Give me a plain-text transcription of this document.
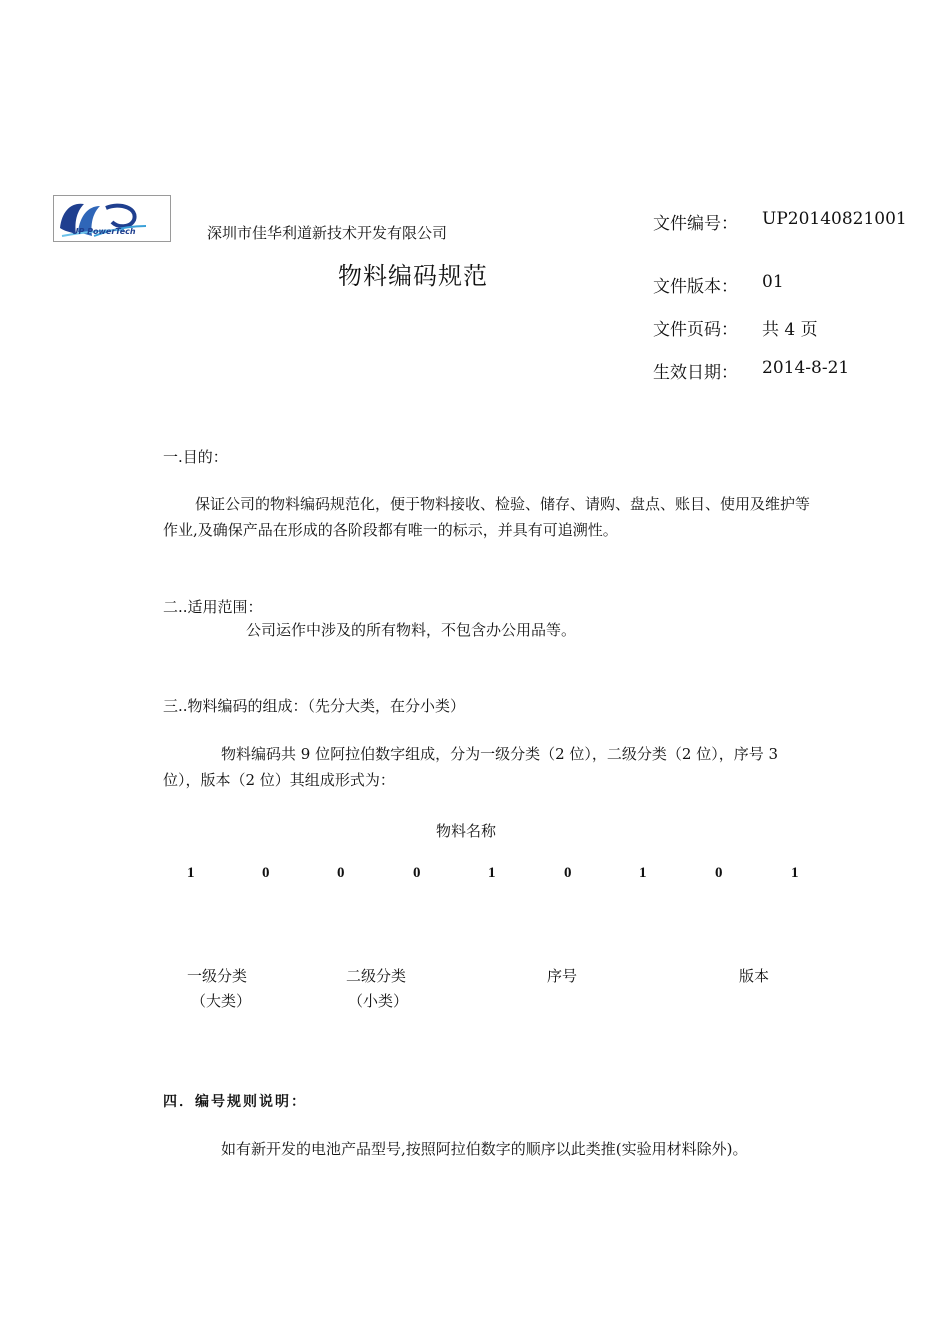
UP PowerTech	深圳市佳华利道新技术开发有限公司
物料编码规范
文件编号： UP20140821001
文件版本： 01
文件页码： 共 4 页
生效日期： 2014-8-21
一.目的：
保证公司的物料编码规范化，便于物料接收、检验、储存、请购、盘点、账目、使用及维护等作业,及确保产品在形成的各阶段都有唯一的标示，并具有可追溯性。
二..适用范围：
公司运作中涉及的所有物料，不包含办公用品等。
三..物料编码的组成：（先分大类，在分小类）
物料编码共 9 位阿拉伯数字组成，分为一级分类（2 位），二级分类（2 位），序号 3 位），版本（2 位）其组成形式为：
物料名称
1	0	0	0	1	0	1	0	1
一级分类
（大类）
二级分类
（小类）
序号	版本
四．编号规则说明：
如有新开发的电池产品型号,按照阿拉伯数字的顺序以此类推(实验用材料除外)。
